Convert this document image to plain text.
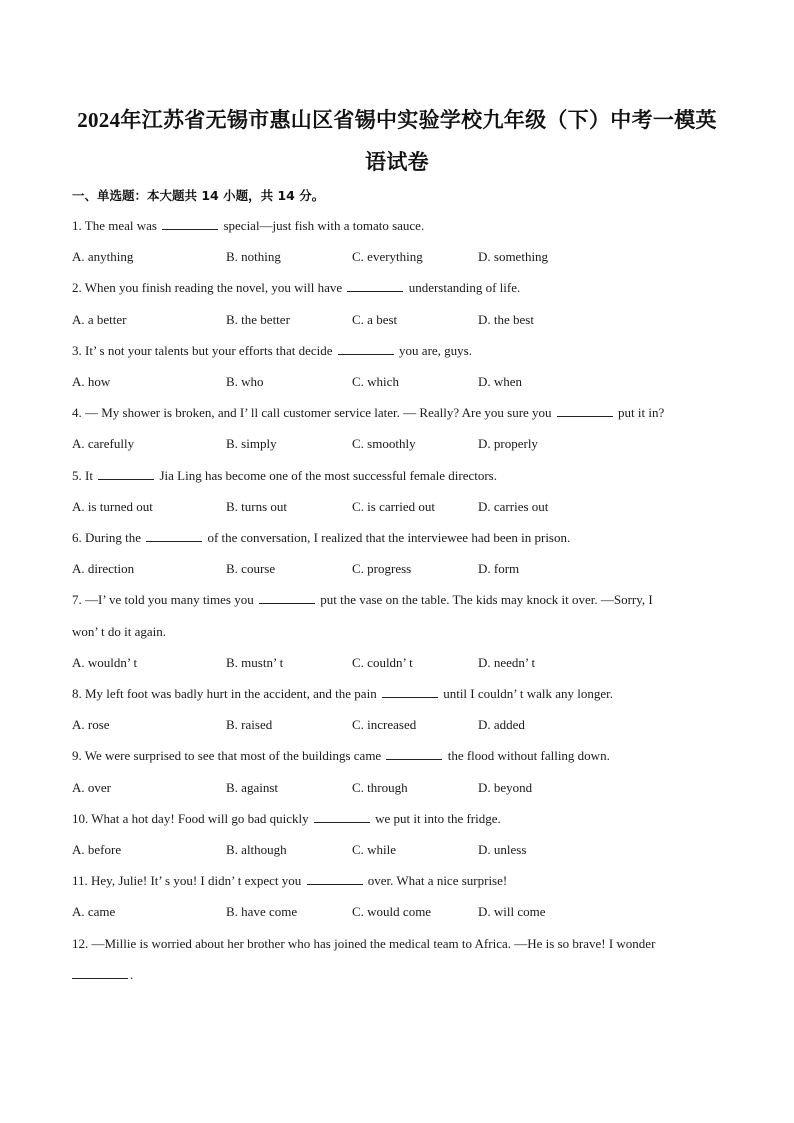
2024年江苏省无锡市惠山区省锡中实验学校九年级（下）中考一模英
语试卷
一、单选题：本大题共 14 小题，共 14 分。
1. The meal was	special—just fish with a tomato sauce.
A. anything	B. nothing	C. everything	D. something
2. When you finish reading the novel, you will have	understanding of life.
A. a better	B. the better	C. a best	D. the best
3. It’ s not your talents but your efforts that decide	you are, guys.
A. how	B. who	C. which	D. when
4. — My shower is broken, and I’ ll call customer service later. — Really? Are you sure you	put it in?
A. carefully	B. simply	C. smoothly	D. properly
5. It	Jia Ling has become one of the most successful female directors.
A. is turned out	B. turns out	C. is carried out	D. carries out
6. During the	of the conversation, I realized that the interviewee had been in prison.
A. direction	B. course	C. progress	D. form
7. —I’ ve told you many times you	put the vase on the table. The kids may knock it over. —Sorry, I
won’ t do it again.
A. wouldn’ t	B. mustn’ t	C. couldn’ t	D. needn’ t
8. My left foot was badly hurt in the accident, and the pain	until I couldn’ t walk any longer.
A. rose	B. raised	C. increased	D. added
9. We were surprised to see that most of the buildings came	the flood without falling down.
A. over	B. against	C. through	D. beyond
10. What a hot day! Food will go bad quickly	we put it into the fridge.
A. before	B. although	C. while	D. unless
11. Hey, Julie! It’ s you! I didn’ t expect you	over. What a nice surprise!
A. came	B. have come	C. would come	D. will come
12. —Millie is worried about her brother who has joined the medical team to Africa. —He is so brave! I wonder
.
